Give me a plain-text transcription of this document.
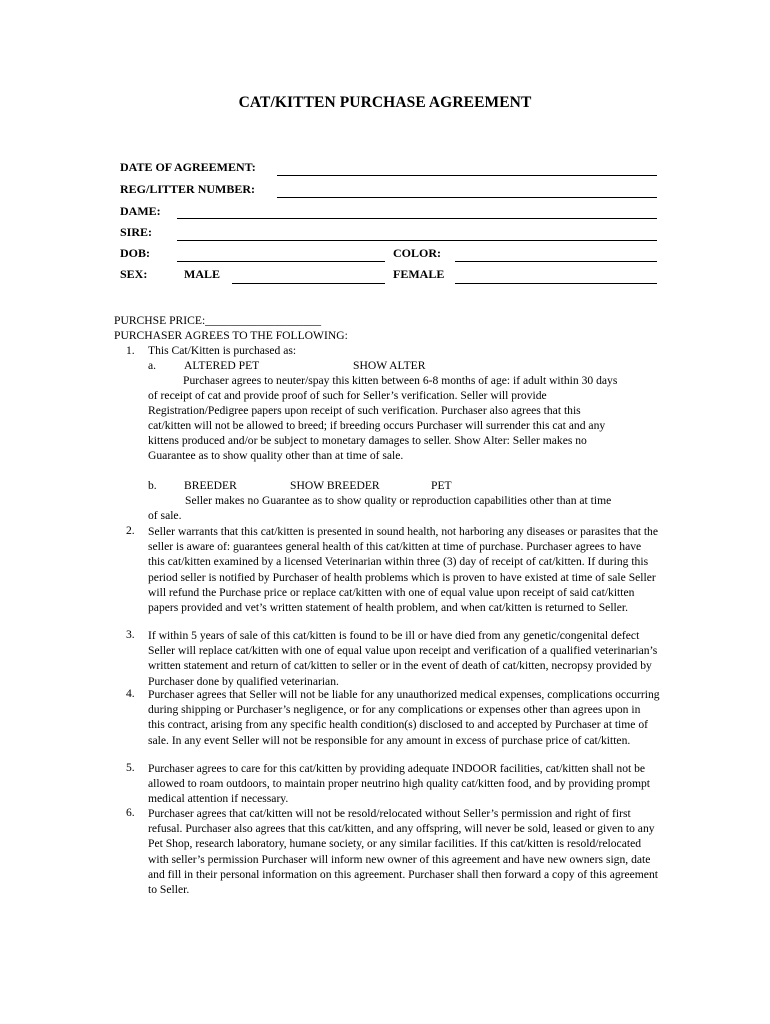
CAT/KITTEN PURCHASE AGREEMENT
DATE OF AGREEMENT:
REG/LITTER NUMBER:
DAME:
SIRE:
DOB:	COLOR:
SEX:	MALE	FEMALE
PURCHSE PRICE:____________________
PURCHASER AGREES TO THE FOLLOWING:
1. This Cat/Kitten is purchased as:
a. ALTERED PET	SHOW ALTER
Purchaser agrees to neuter/spay this kitten between 6-8 months of age: if adult within 30 days
of receipt of cat and provide proof of such for Seller’s verification. Seller will provide
Registration/Pedigree papers upon receipt of such verification. Purchaser also agrees that this
cat/kitten will not be allowed to breed; if breeding occurs Purchaser will surrender this cat and any
kittens produced and/or be subject to monetary damages to seller. Show Alter: Seller makes no
Guarantee as to show quality other than at time of sale.
b. BREEDER	SHOW BREEDER	PET
Seller makes no Guarantee as to show quality or reproduction capabilities other than at time
of sale.
2. Seller warrants that this cat/kitten is presented in sound health, not harboring any diseases or parasites that the seller is aware of: guarantees general health of this cat/kitten at time of purchase. Purchaser agrees to have this cat/kitten examined by a licensed Veterinarian within three (3) day of receipt of cat/kitten. If during this period seller is notified by Purchaser of health problems which is proven to have existed at time of sale Seller will refund the Purchase price or replace cat/kitten with one of equal value upon receipt of said cat/kitten papers provided and vet’s written statement of health problem, and when cat/kitten is returned to Seller.
3. If within 5 years of sale of this cat/kitten is found to be ill or have died from any genetic/congenital defect Seller will replace cat/kitten with one of equal value upon receipt and verification of a qualified veterinarian’s written statement and return of cat/kitten to seller or in the event of death of cat/kitten, necropsy provided by Purchaser done by qualified veterinarian.
4. Purchaser agrees that Seller will not be liable for any unauthorized medical expenses, complications occurring during shipping or Purchaser’s negligence, or for any complications or expenses other than agrees upon in this contract, arising from any specific health condition(s) disclosed to and accepted by Purchaser at time of sale. In any event Seller will not be responsible for any amount in excess of purchase price of cat/kitten.
5. Purchaser agrees to care for this cat/kitten by providing adequate INDOOR facilities, cat/kitten shall not be allowed to roam outdoors, to maintain proper neutrino high quality cat/kitten food, and by providing prompt medical attention if necessary.
6. Purchaser agrees that cat/kitten will not be resold/relocated without Seller’s permission and right of first refusal. Purchaser also agrees that this cat/kitten, and any offspring, will never be sold, leased or given to any Pet Shop, research laboratory, humane society, or any similar facilities. If this cat/kitten is resold/relocated with seller’s permission Purchaser will inform new owner of this agreement and have new owners sign, date and fill in their personal information on this agreement. Purchaser shall then forward a copy of this agreement to Seller.
